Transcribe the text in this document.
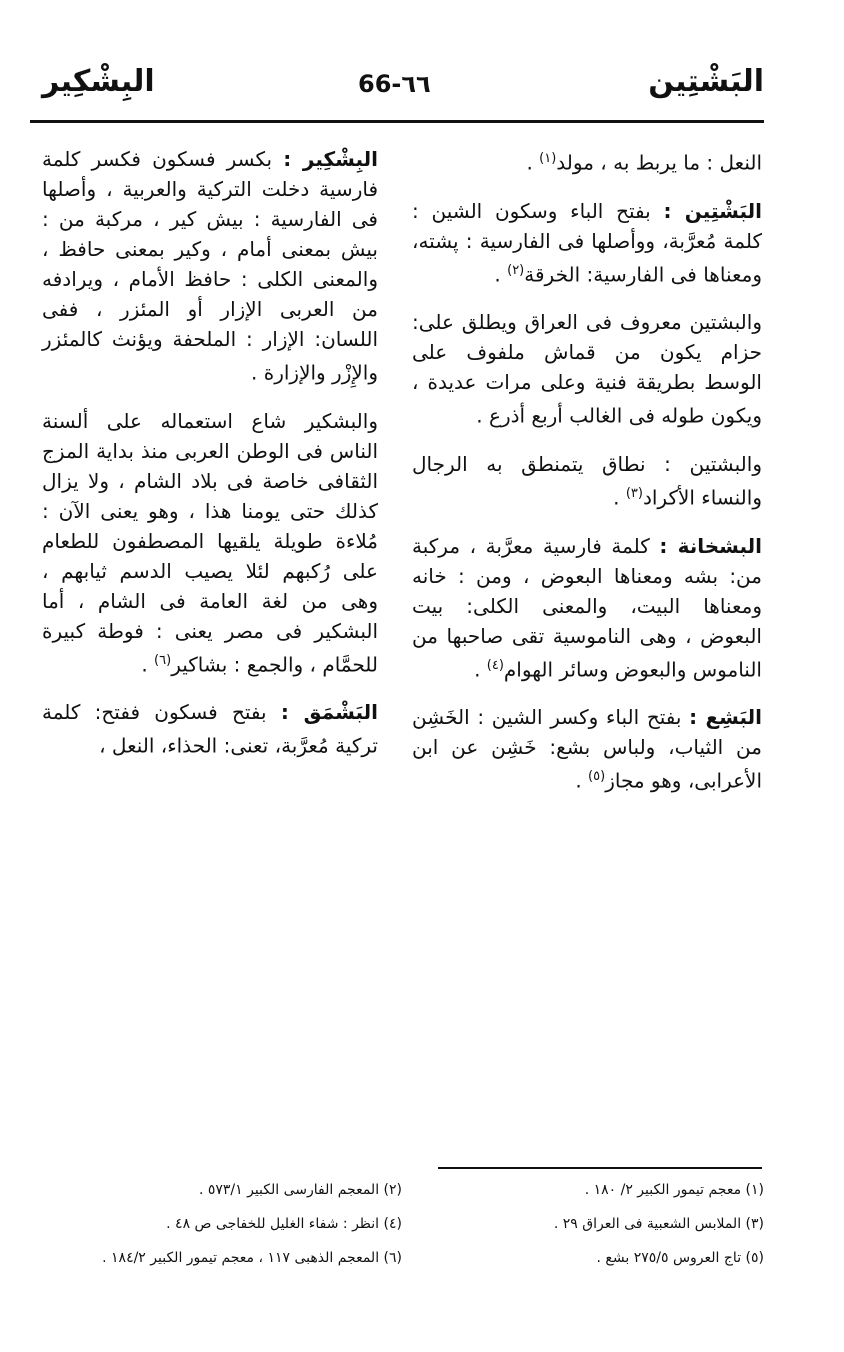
البَشْتِين
٦٦-66
البِشْكِير

النعل : ما يربط به ، مولد$^{(١)}$ .

البَشْتِين : بفتح الباء وسكون الشين : كلمة مُعرَّبة، ووأصلها فى الفارسية : پشته، ومعناها فى الفارسية: الخرقة$^{(٢)}$ .

والبشتين معروف فى العراق ويطلق على: حزام يكون من قماش ملفوف على الوسط بطريقة فنية وعلى مرات عديدة ، ويكون طوله فى الغالب أربع أذرع .

والبشتين : نطاق يتمنطق به الرجال والنساء الأكراد$^{(٣)}$ .

البشخانة : كلمة فارسية معرَّبة ، مركبة من: بشه ومعناها البعوض ، ومن : خانه ومعناها البيت، والمعنى الكلى: بيت البعوض ، وهى الناموسية تقى صاحبها من الناموس والبعوض وسائر الهوام$^{(٤)}$ .

البَشِع : بفتح الباء وكسر الشين : الخَشِن من الثياب، ولباس بشع: خَشِن عن ابن الأعرابى، وهو مجاز$^{(٥)}$ .

البِشْكِير : بكسر فسكون فكسر كلمة فارسية دخلت التركية والعربية ، وأصلها فى الفارسية : بيش كير ، مركبة من : بيش بمعنى أمام ، وكير بمعنى حافظ ، والمعنى الكلى : حافظ الأمام ، ويرادفه من العربى الإزار أو المئزر ، ففى اللسان: الإزار : الملحفة ويؤنث كالمئزر والإِزْر والإزارة .

والبشكير شاع استعماله على ألسنة الناس فى الوطن العربى منذ بداية المزج الثقافى خاصة فى بلاد الشام ، ولا يزال كذلك حتى يومنا هذا ، وهو يعنى الآن : مُلاءة طويلة يلقيها المصطفون للطعام على رُكبهم لئلا يصيب الدسم ثيابهم ، وهى من لغة العامة فى الشام ، أما البشكير فى مصر يعنى : فوطة كبيرة للحمَّام ، والجمع : بشاكير$^{(٦)}$ .

البَشْمَق : بفتح فسكون ففتح: كلمة تركية مُعرَّبة، تعنى: الحذاء، النعل ،

(١) معجم تيمور الكبير ٢/ ١٨٠ .
(٢) المعجم الفارسى الكبير ٥٧٣/١ .
(٣) الملابس الشعبية فى العراق ٢٩ .
(٤) انظر : شفاء الغليل للخفاجى ص ٤٨ .
(٥) تاج العروس ٢٧٥/٥ بشع .
(٦) المعجم الذهبى ١١٧ ، معجم تيمور الكبير ١٨٤/٢ .
